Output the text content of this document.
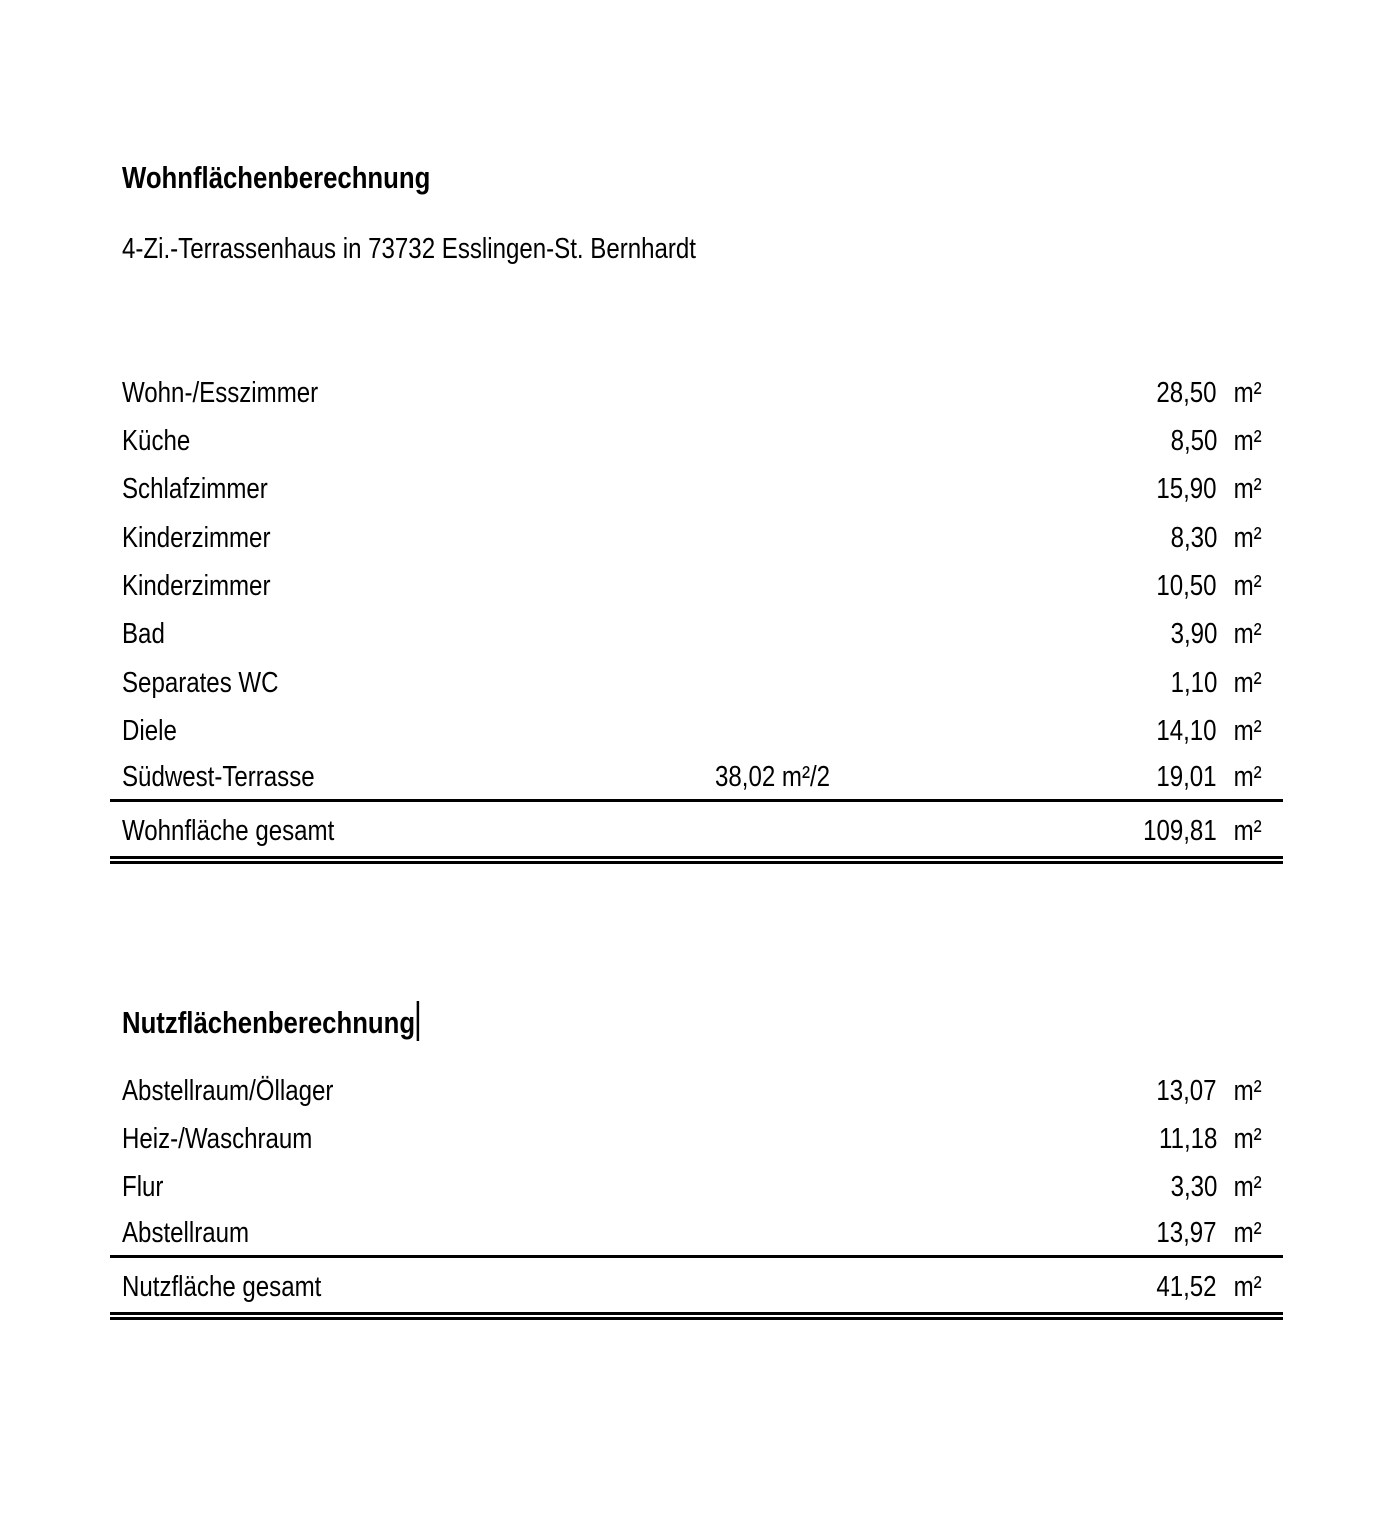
Wohnflächenberechnung
4-Zi.-Terrassenhaus in 73732 Esslingen-St. Bernhardt
Wohn-/Esszimmer	28,50 m²
Küche	8,50 m²
Schlafzimmer	15,90 m²
Kinderzimmer	8,30 m²
Kinderzimmer	10,50 m²
Bad	3,90 m²
Separates WC	1,10 m²
Diele	14,10 m²
Südwest-Terrasse	38,02 m²/2	19,01 m²
Wohnfläche gesamt	109,81 m²
Nutzflächenberechnung
Abstellraum/Öllager	13,07 m²
Heiz-/Waschraum	11,18 m²
Flur	3,30 m²
Abstellraum	13,97 m²
Nutzfläche gesamt	41,52 m²
